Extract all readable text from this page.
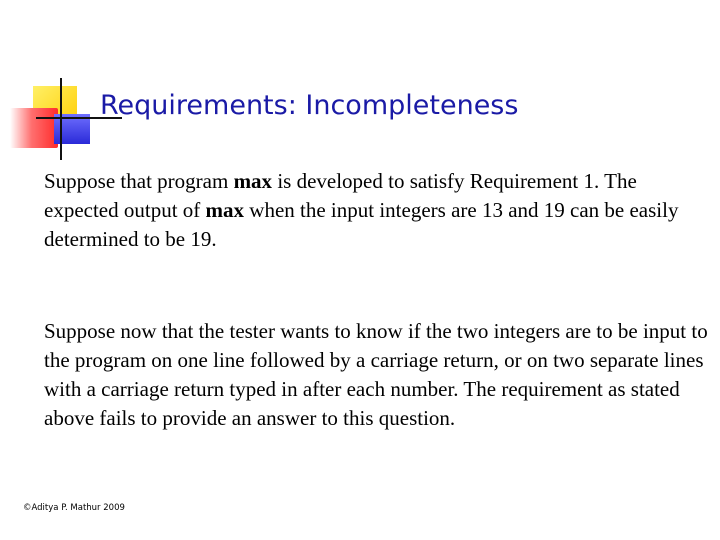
Requirements: Incompleteness

Suppose that program max is developed to satisfy Requirement 1. The expected output of max when the input integers are 13 and 19 can be easily determined to be 19.

Suppose now that the tester wants to know if the two integers are to be input to the program on one line followed by a carriage return, or on two separate lines with a carriage return typed in after each number. The requirement as stated above fails to provide an answer to this question.

©Aditya P. Mathur 2009
